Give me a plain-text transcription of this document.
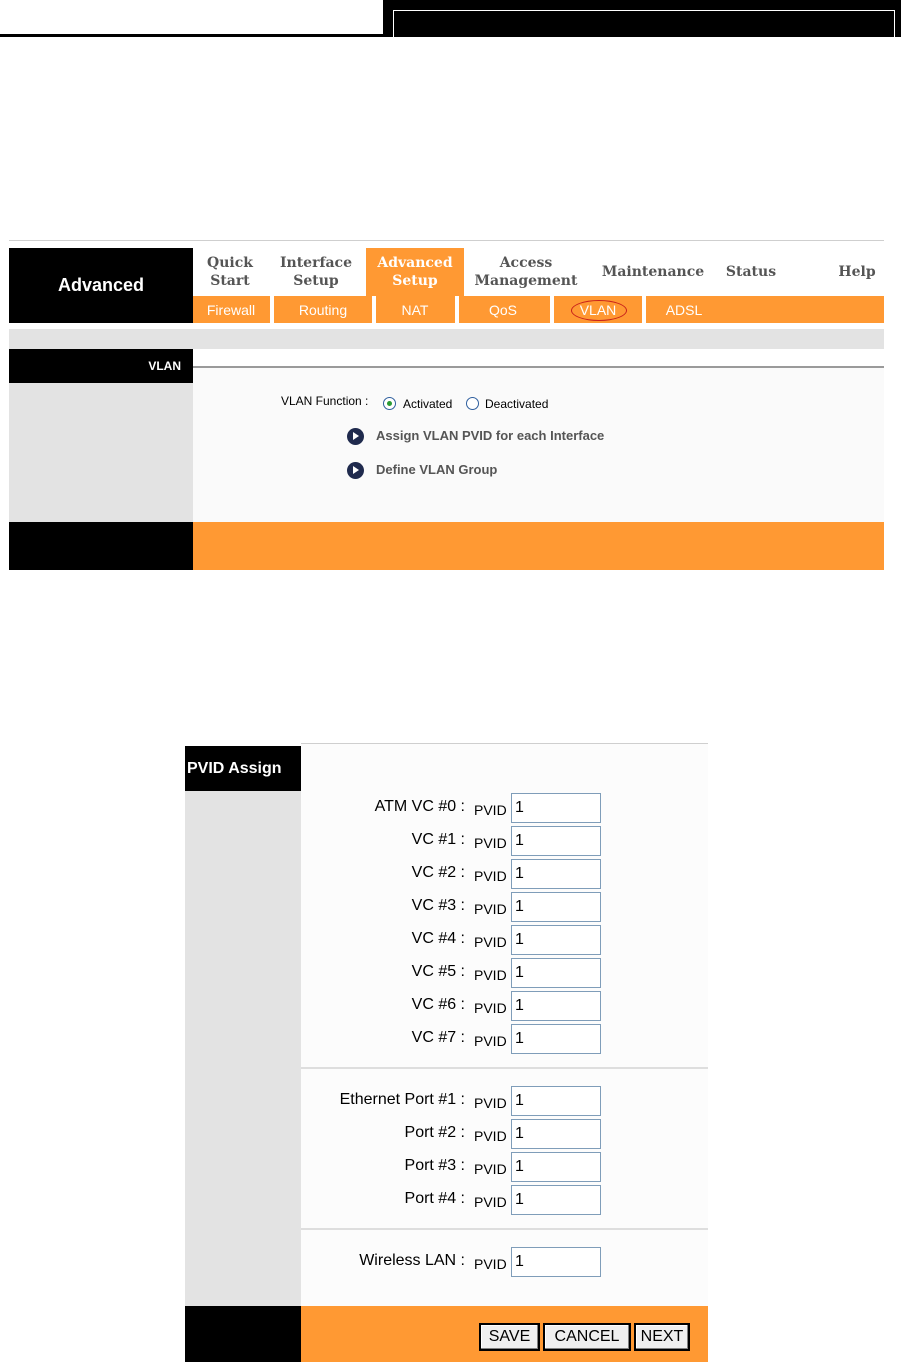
Advanced
Quick
Start
Interface
Setup
Advanced
Setup
Access
Management
Maintenance	Status	Help
Firewall	Routing	NAT	QoS	VLAN	ADSL
VLAN
VLAN Function :	Activated	Deactivated
Assign VLAN PVID for each Interface
Define VLAN Group
PVID Assign
ATM VC #0 : PVID
1
VC #1 : PVID
1
VC #2 : PVID
1
VC #3 : PVID
1
VC #4 : PVID
1
VC #5 : PVID
1
VC #6 : PVID
1
VC #7 : PVID
1
Ethernet Port #1 : PVID
1
Port #2 : PVID
1
Port #3 : PVID
1
Port #4 : PVID
1
Wireless LAN : PVID
1
SAVE	CANCEL	NEXT
